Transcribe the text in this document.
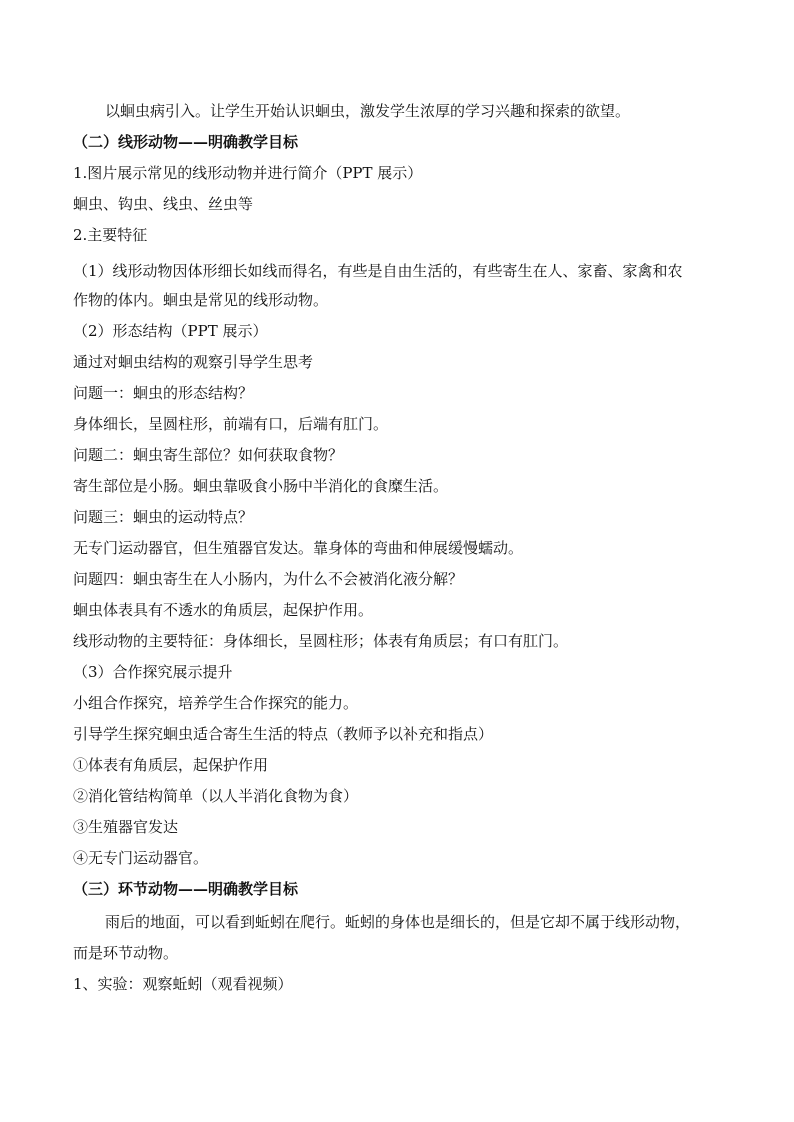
以蛔虫病引入。让学生开始认识蛔虫，激发学生浓厚的学习兴趣和探索的欲望。
（二）线形动物——明确教学目标
1.图片展示常见的线形动物并进行简介（PPT 展示）
蛔虫、钩虫、线虫、丝虫等
2.主要特征
（1）线形动物因体形细长如线而得名，有些是自由生活的，有些寄生在人、家畜、家禽和农
作物的体内。蛔虫是常见的线形动物。
（2）形态结构（PPT 展示）
通过对蛔虫结构的观察引导学生思考
问题一：蛔虫的形态结构？
身体细长，呈圆柱形，前端有口，后端有肛门。
问题二：蛔虫寄生部位？如何获取食物？
寄生部位是小肠。蛔虫靠吸食小肠中半消化的食糜生活。
问题三：蛔虫的运动特点？
无专门运动器官，但生殖器官发达。靠身体的弯曲和伸展缓慢蠕动。
问题四：蛔虫寄生在人小肠内，为什么不会被消化液分解？
蛔虫体表具有不透水的角质层，起保护作用。
线形动物的主要特征：身体细长，呈圆柱形；体表有角质层；有口有肛门。
（3）合作探究展示提升
小组合作探究，培养学生合作探究的能力。
引导学生探究蛔虫适合寄生生活的特点（教师予以补充和指点）
①体表有角质层，起保护作用
②消化管结构简单（以人半消化食物为食）
③生殖器官发达
④无专门运动器官。
（三）环节动物——明确教学目标
雨后的地面，可以看到蚯蚓在爬行。蚯蚓的身体也是细长的，但是它却不属于线形动物，
而是环节动物。
1、实验：观察蚯蚓（观看视频）
